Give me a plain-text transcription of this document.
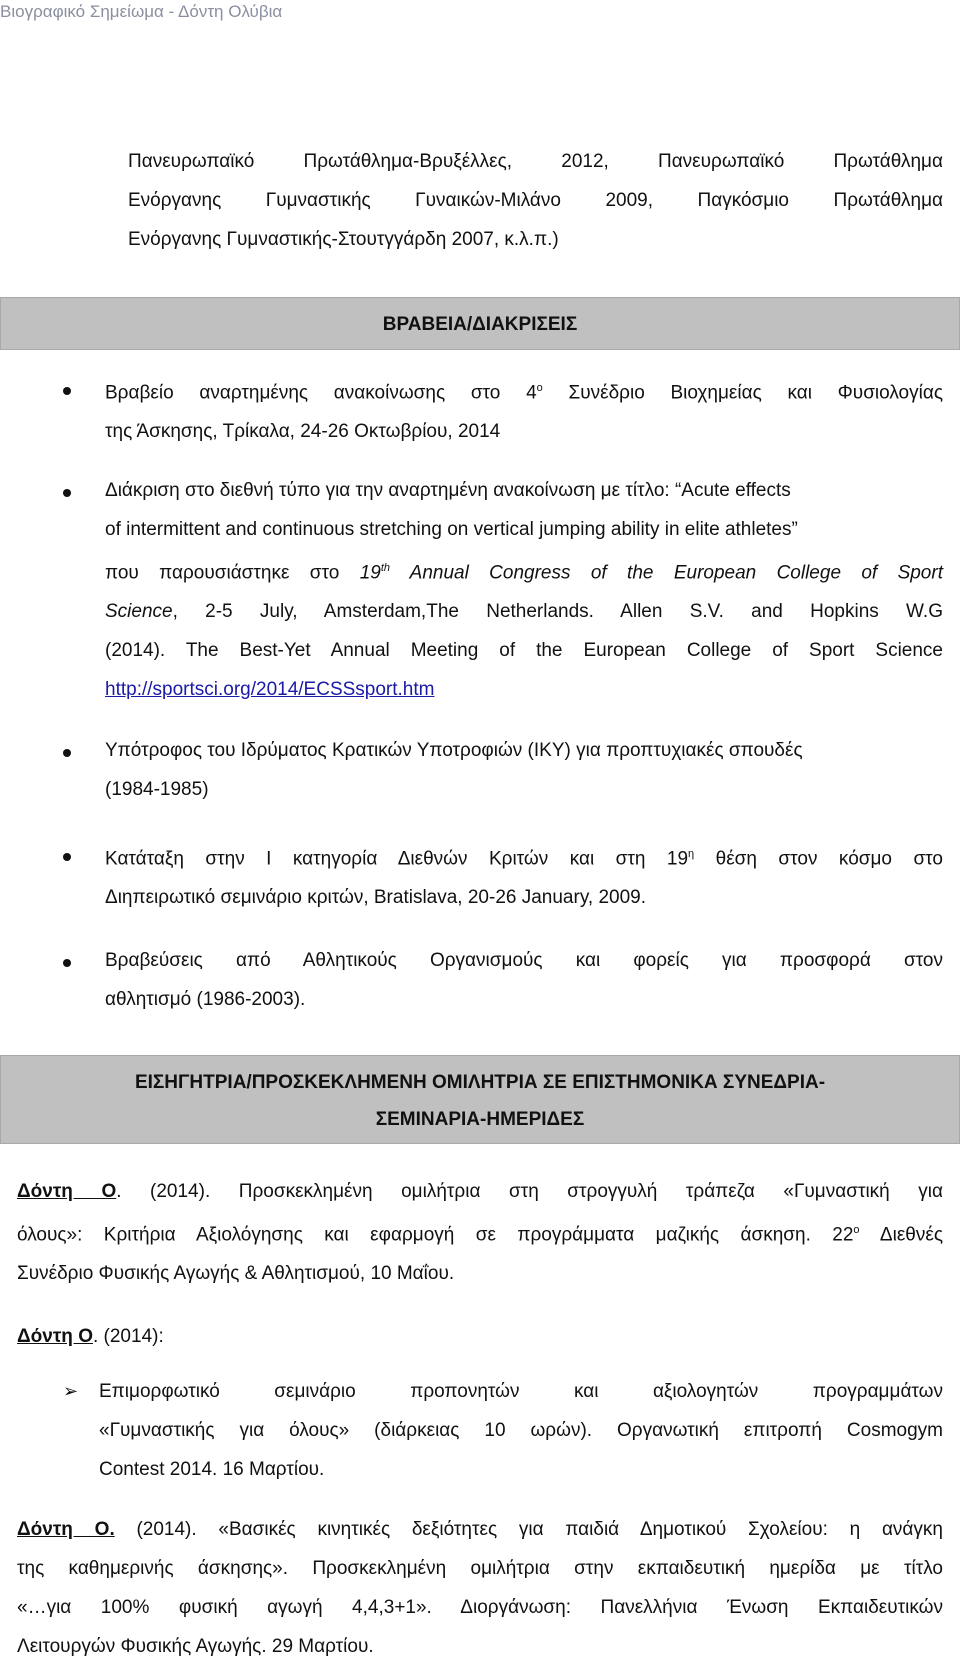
Βιογραφικό Σημείωμα - Δόντη Ολύβια
Πανευρωπαϊκό Πρωτάθλημα-Βρυξέλλες, 2012, Πανευρωπαϊκό Πρωτάθλημα
Ενόργανης Γυμναστικής Γυναικών-Μιλάνο 2009, Παγκόσμιο Πρωτάθλημα
Ενόργανης Γυμναστικής-Στουτγγάρδη 2007, κ.λ.π.)
ΒΡΑΒΕΙΑ/ΔΙΑΚΡΙΣΕΙΣ
Βραβείο αναρτημένης ανακοίνωσης στο $4^o$ Συνέδριο Βιοχημείας και Φυσιολογίας
της Άσκησης, Τρίκαλα, 24-26 Οκτωβρίου, 2014
Διάκριση στο διεθνή τύπο για την αναρτημένη ανακοίνωση με τίτλο: “Acute effects
of intermittent and continuous stretching on vertical jumping ability in elite athletes”
που παρουσιάστηκε στο 19th Annual Congress of the European College of Sport
Science, 2-5 July, Amsterdam,The Netherlands. Allen S.V. and Hopkins W.G
(2014). The Best-Yet Annual Meeting of the European College of Sport Science
http://sportsci.org/2014/ECSSsport.htm
Υπότροφος του Ιδρύματος Κρατικών Υποτροφιών (ΙΚΥ) για προπτυχιακές σπουδές
(1984-1985)
Κατάταξη στην Ι κατηγορία Διεθνών Κριτών και στη $19^\eta$ θέση στον κόσμο στο
Διηπειρωτικό σεμινάριο κριτών, Bratislava, 20-26 January, 2009.
Βραβεύσεις από Αθλητικούς Οργανισμούς και φορείς για προσφορά στον
αθλητισμό (1986-2003).
ΕΙΣΗΓΗΤΡΙΑ/ΠΡΟΣΚΕΚΛΗΜΕΝΗ ΟΜΙΛΗΤΡΙΑ ΣΕ ΕΠΙΣΤΗΜΟΝΙΚΑ ΣΥΝΕΔΡΙΑ-
ΣΕΜΙΝΑΡΙΑ-ΗΜΕΡΙΔΕΣ
Δόντη Ο. (2014). Προσκεκλημένη ομιλήτρια στη στρογγυλή τράπεζα «Γυμναστική για
όλους»: Κριτήρια Αξιολόγησης και εφαρμογή σε προγράμματα μαζικής άσκηση. $22^o$ Διεθνές
Συνέδριο Φυσικής Αγωγής & Αθλητισμού, 10 Μαΐου.
Δόντη Ο. (2014):
➢ Επιμορφωτικό σεμινάριο προπονητών και αξιολογητών προγραμμάτων
«Γυμναστικής για όλους» (διάρκειας 10 ωρών). Οργανωτική επιτροπή Cosmogym
Contest 2014. 16 Μαρτίου.
Δόντη Ο. (2014). «Βασικές κινητικές δεξιότητες για παιδιά Δημοτικού Σχολείου: η ανάγκη
της καθημερινής άσκησης». Προσκεκλημένη ομιλήτρια στην εκπαιδευτική ημερίδα με τίτλο
«…για 100% φυσική αγωγή 4,4,3+1». Διοργάνωση: Πανελλήνια Ένωση Εκπαιδευτικών
Λειτουργών Φυσικής Αγωγής. 29 Μαρτίου.
